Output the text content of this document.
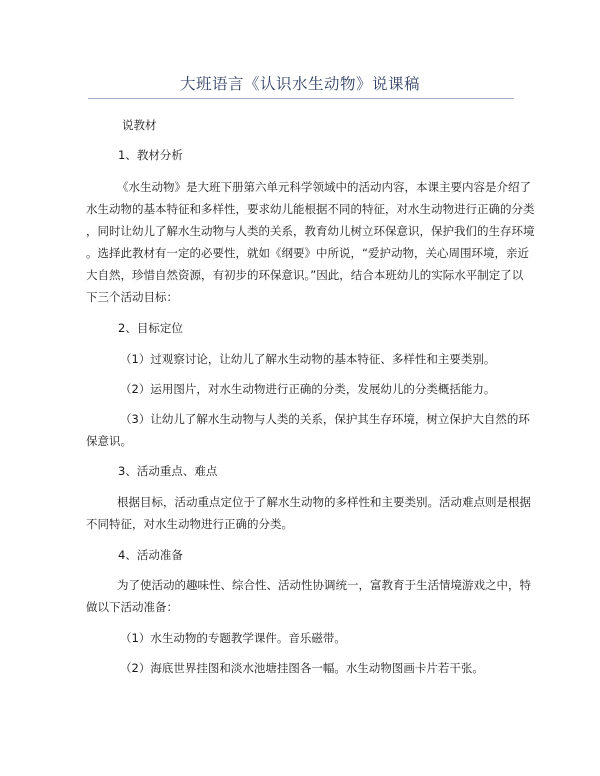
大班语言《认识水生动物》说课稿
说教材
1、教材分析
《水生动物》是大班下册第六单元科学领域中的活动内容，本课主要内容是介绍了
水生动物的基本特征和多样性，要求幼儿能根据不同的特征，对水生动物进行正确的分类
，同时让幼儿了解水生动物与人类的关系，教育幼儿树立环保意识，保护我们的生存环境
。选择此教材有一定的必要性，就如《纲要》中所说，“爱护动物，关心周围环境，亲近
大自然，珍惜自然资源，有初步的环保意识。”因此，结合本班幼儿的实际水平制定了以
下三个活动目标：
2、目标定位
（1）过观察讨论，让幼儿了解水生动物的基本特征、多样性和主要类别。
（2）运用图片，对水生动物进行正确的分类，发展幼儿的分类概括能力。
（3）让幼儿了解水生动物与人类的关系，保护其生存环境，树立保护大自然的环
保意识。
3、活动重点、难点
根据目标，活动重点定位于了解水生动物的多样性和主要类别。活动难点则是根据
不同特征，对水生动物进行正确的分类。
4、活动准备
为了使活动的趣味性、综合性、活动性协调统一，富教育于生活情境游戏之中，特
做以下活动准备：
（1）水生动物的专题教学课件。音乐磁带。
（2）海底世界挂图和淡水池塘挂图各一幅。水生动物图画卡片若干张。
